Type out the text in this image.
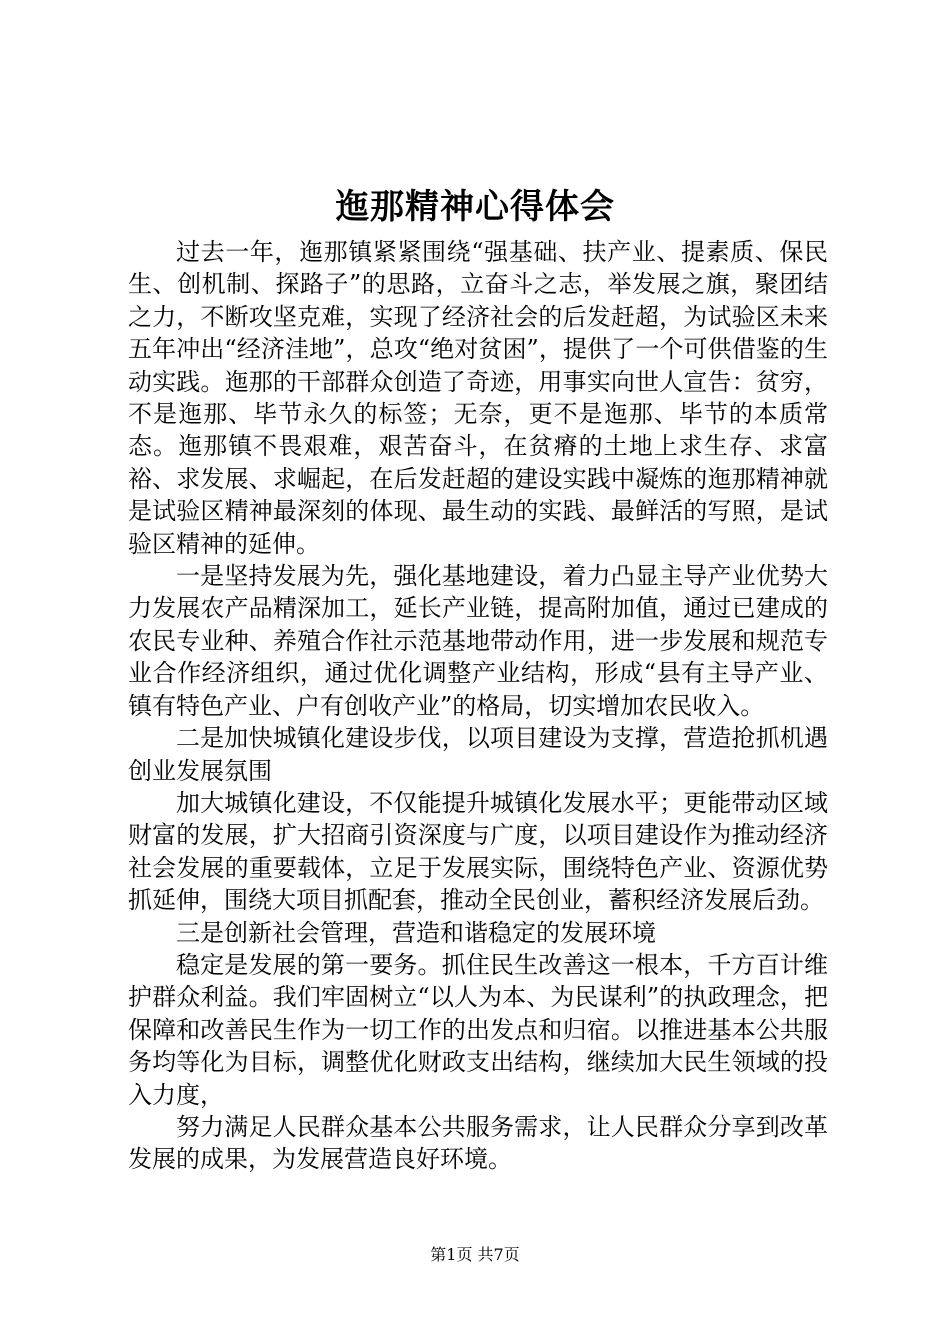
迤那精神心得体会

过去一年，迤那镇紧紧围绕“强基础、扶产业、提素质、保民生、创机制、探路子”的思路，立奋斗之志，举发展之旗，聚团结之力，不断攻坚克难，实现了经济社会的后发赶超，为试验区未来五年冲出“经济洼地”，总攻“绝对贫困”，提供了一个可供借鉴的生动实践。迤那的干部群众创造了奇迹，用事实向世人宣告：贫穷，不是迤那、毕节永久的标签；无奈，更不是迤那、毕节的本质常态。迤那镇不畏艰难，艰苦奋斗，在贫瘠的土地上求生存、求富裕、求发展、求崛起，在后发赶超的建设实践中凝炼的迤那精神就是试验区精神最深刻的体现、最生动的实践、最鲜活的写照，是试验区精神的延伸。

一是坚持发展为先，强化基地建设，着力凸显主导产业优势大力发展农产品精深加工，延长产业链，提高附加值，通过已建成的农民专业种、养殖合作社示范基地带动作用，进一步发展和规范专业合作经济组织，通过优化调整产业结构，形成“县有主导产业、镇有特色产业、户有创收产业”的格局，切实增加农民收入。

二是加快城镇化建设步伐，以项目建设为支撑，营造抢抓机遇创业发展氛围

加大城镇化建设，不仅能提升城镇化发展水平；更能带动区域财富的发展，扩大招商引资深度与广度，以项目建设作为推动经济社会发展的重要载体，立足于发展实际，围绕特色产业、资源优势抓延伸，围绕大项目抓配套，推动全民创业，蓄积经济发展后劲。

三是创新社会管理，营造和谐稳定的发展环境

稳定是发展的第一要务。抓住民生改善这一根本，千方百计维护群众利益。我们牢固树立“以人为本、为民谋利”的执政理念，把保障和改善民生作为一切工作的出发点和归宿。以推进基本公共服务均等化为目标，调整优化财政支出结构，继续加大民生领域的投入力度，

努力满足人民群众基本公共服务需求，让人民群众分享到改革发展的成果，为发展营造良好环境。

第1页 共7页
